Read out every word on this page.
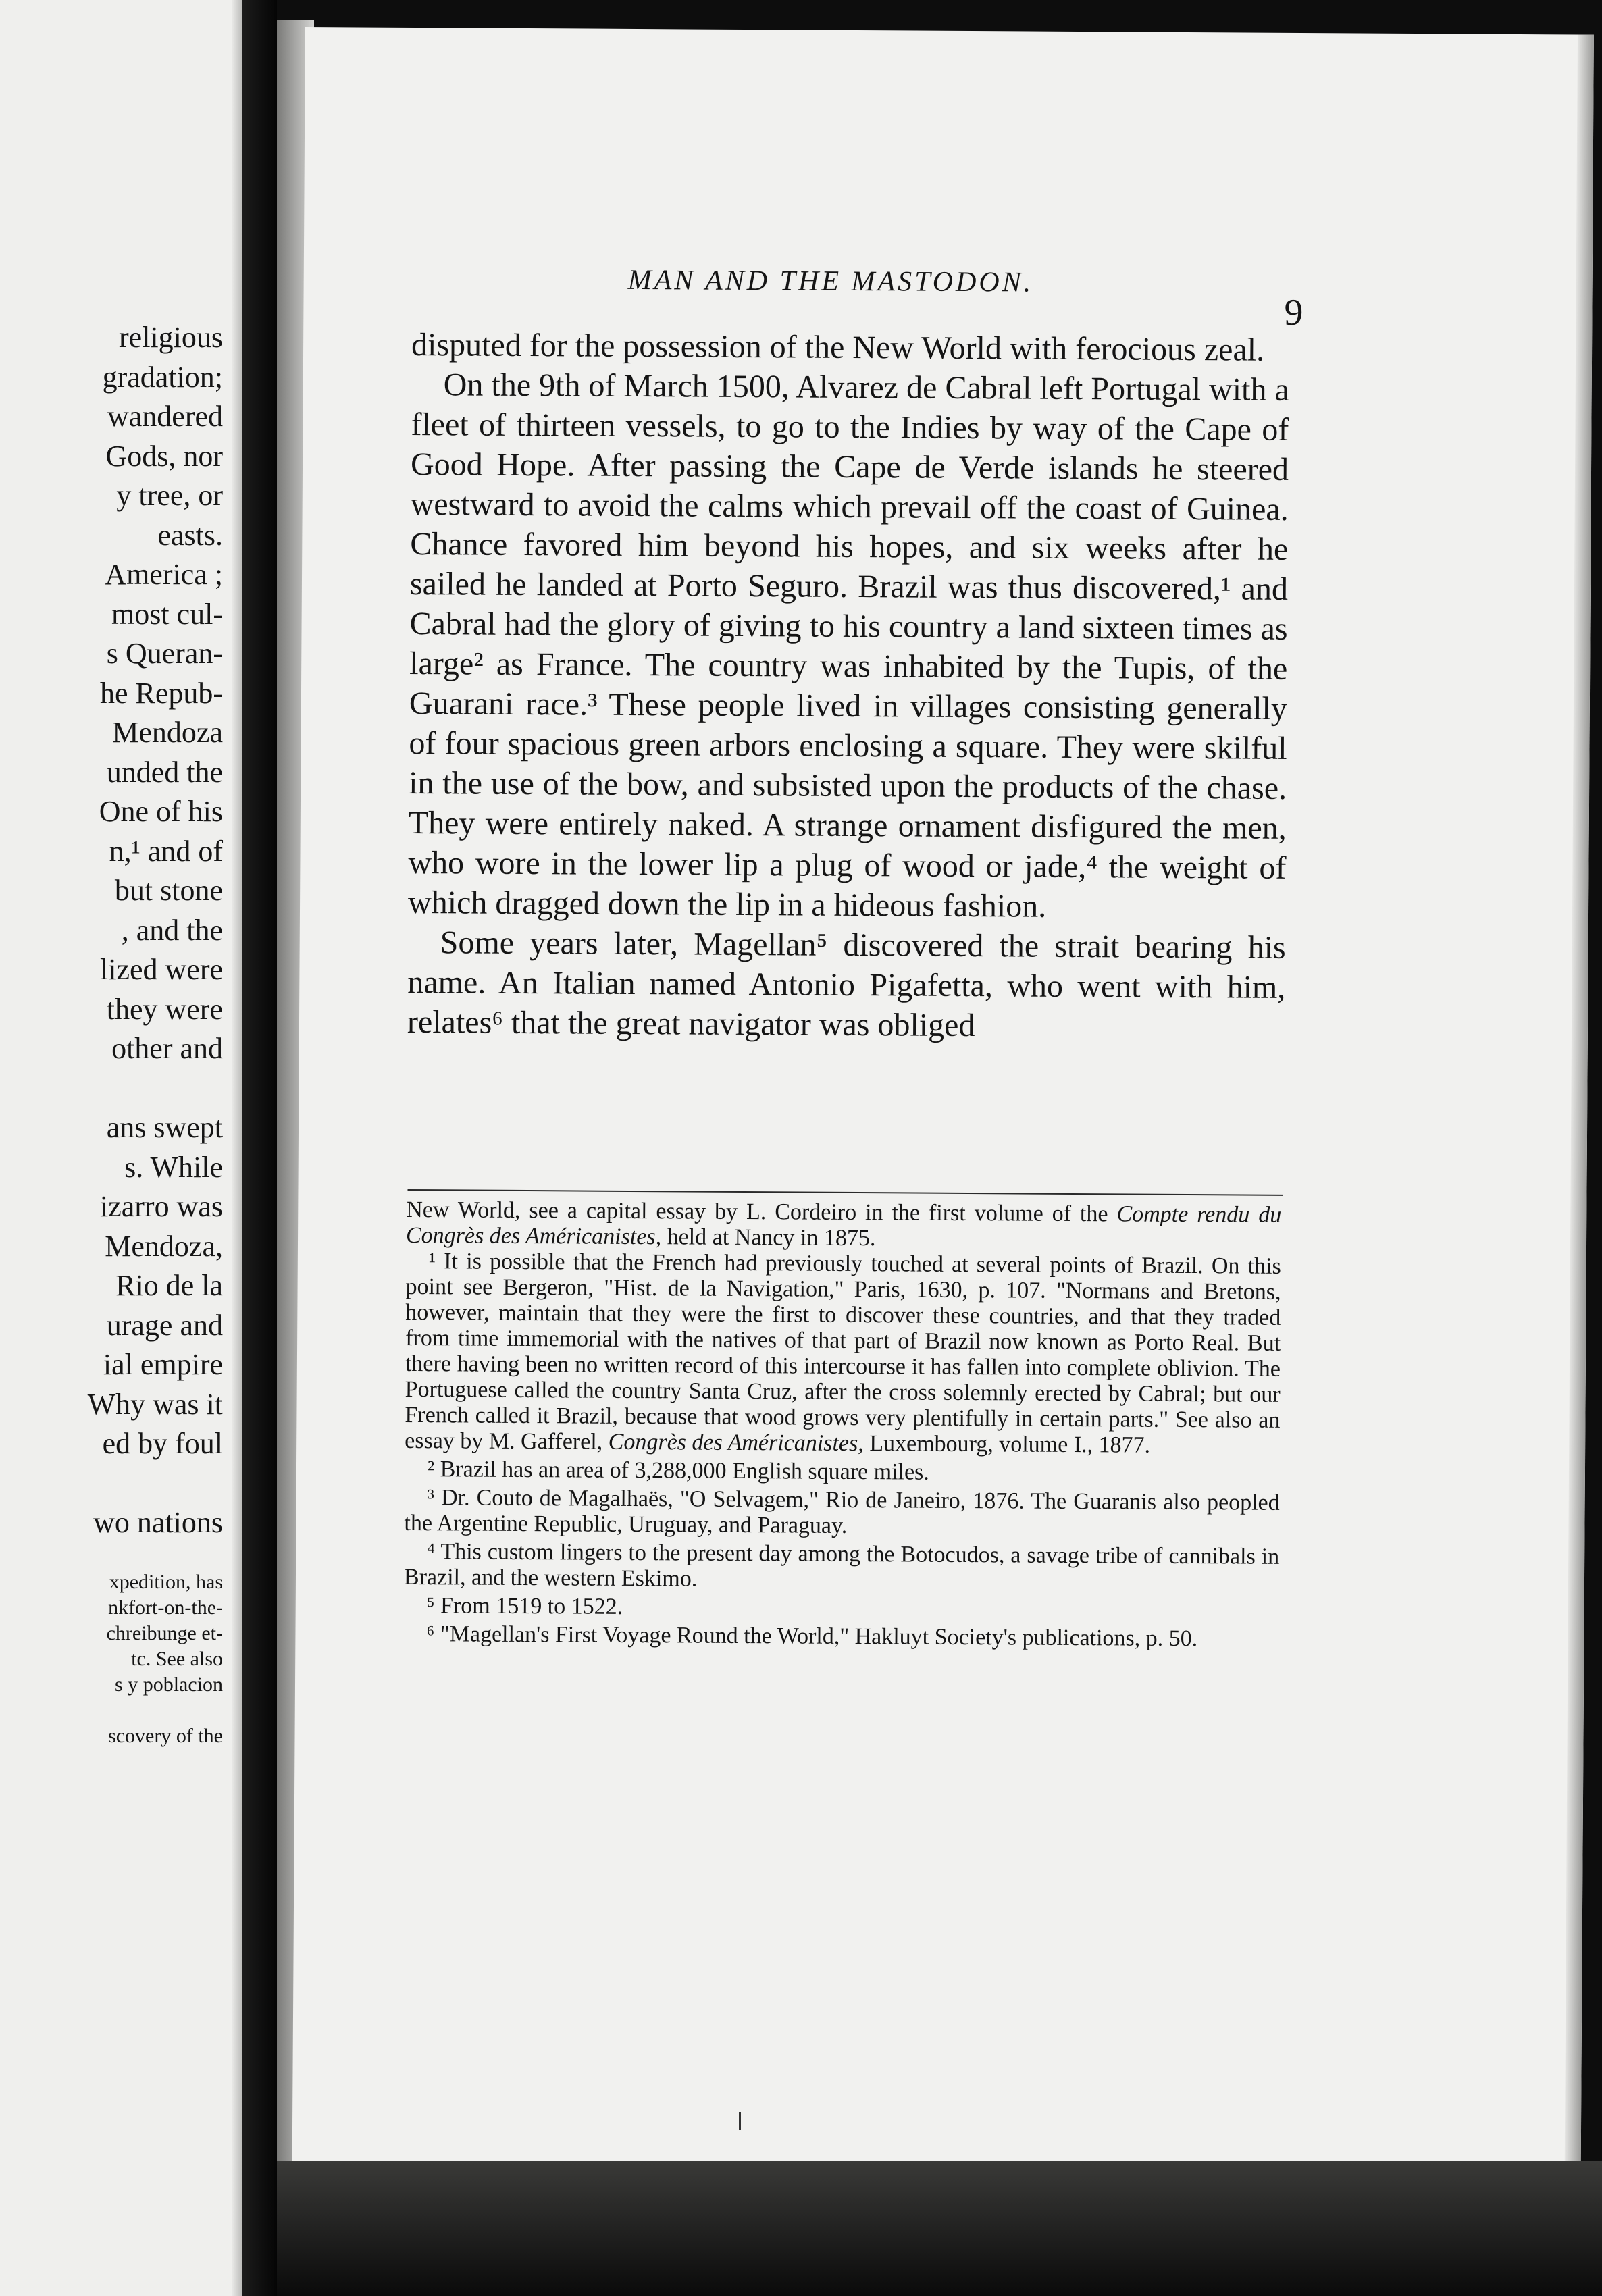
religious
gradation;
wandered
Gods, nor
y tree, or
easts.
America ;
most cul-
s Queran-
he Repub-
Mendoza
unded the
One of his
n,¹ and of
but stone
, and the
lized were
they were
other and
ans swept
s. While
izarro was
Mendoza,
Rio de la
urage and
ial empire
Why was it
ed by foul
wo nations
xpedition, has
nkfort-on-the-
chreibunge et-
tc. See also
s y poblacion
scovery of the
MAN AND THE MASTODON.
9

disputed for the possession of the New World with ferocious zeal.

On the 9th of March 1500, Alvarez de Cabral left Portugal with a fleet of thirteen vessels, to go to the Indies by way of the Cape of Good Hope. After passing the Cape de Verde islands he steered westward to avoid the calms which prevail off the coast of Guinea. Chance favored him beyond his hopes, and six weeks after he sailed he landed at Porto Seguro. Brazil was thus discovered,¹ and Cabral had the glory of giving to his country a land sixteen times as large² as France. The country was inhabited by the Tupis, of the Guarani race.³ These people lived in villages consisting generally of four spacious green arbors enclosing a square. They were skilful in the use of the bow, and subsisted upon the products of the chase. They were entirely naked. A strange ornament disfigured the men, who wore in the lower lip a plug of wood or jade,⁴ the weight of which dragged down the lip in a hideous fashion.

Some years later, Magellan⁵ discovered the strait bearing his name. An Italian named Antonio Pigafetta, who went with him, relates⁶ that the great navigator was obliged

New World, see a capital essay by L. Cordeiro in the first volume of the Compte rendu du Congrès des Américanistes, held at Nancy in 1875.

¹ It is possible that the French had previously touched at several points of Brazil. On this point see Bergeron, "Hist. de la Navigation," Paris, 1630, p. 107. "Normans and Bretons, however, maintain that they were the first to discover these countries, and that they traded from time immemorial with the natives of that part of Brazil now known as Porto Real. But there having been no written record of this intercourse it has fallen into complete oblivion. The Portuguese called the country Santa Cruz, after the cross solemnly erected by Cabral; but our French called it Brazil, because that wood grows very plentifully in certain parts." See also an essay by M. Gafferel, Congrès des Américanistes, Luxembourg, volume I., 1877.

² Brazil has an area of 3,288,000 English square miles.

³ Dr. Couto de Magalhaës, "O Selvagem," Rio de Janeiro, 1876. The Guaranis also peopled the Argentine Republic, Uruguay, and Paraguay.

⁴ This custom lingers to the present day among the Botocudos, a savage tribe of cannibals in Brazil, and the western Eskimo.

⁵ From 1519 to 1522.

⁶ "Magellan's First Voyage Round the World," Hakluyt Society's publications, p. 50.
